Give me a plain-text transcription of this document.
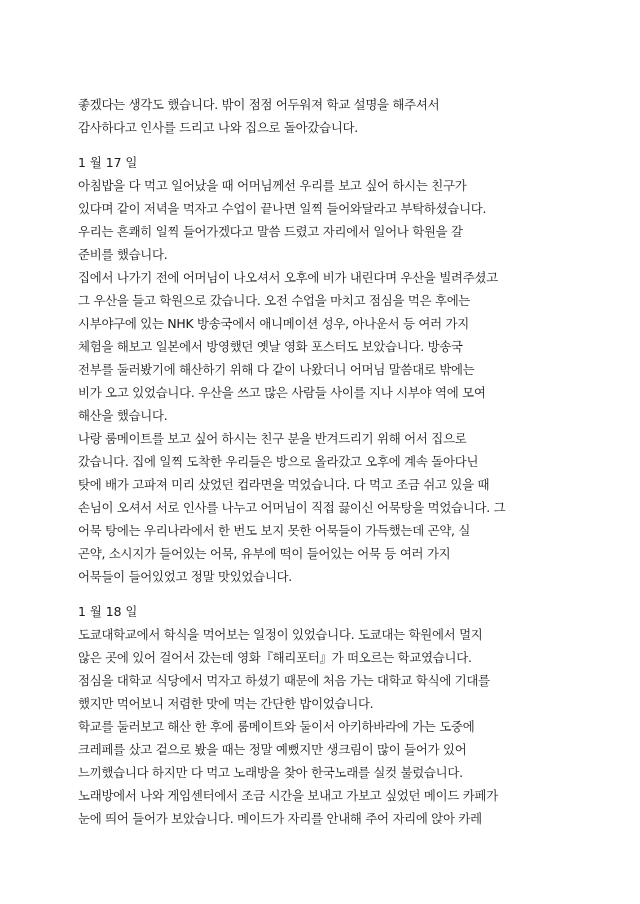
좋겠다는 생각도 했습니다. 밖이 점점 어두워져 학교 설명을 해주셔서
감사하다고 인사를 드리고 나와 집으로 돌아갔습니다.
1 월 17 일
아침밥을 다 먹고 일어났을 때 어머님께선 우리를 보고 싶어 하시는 친구가
있다며 같이 저녁을 먹자고 수업이 끝나면 일찍 들어와달라고 부탁하셨습니다.
우리는 흔쾌히 일찍 들어가겠다고 말씀 드렸고 자리에서 일어나 학원을 갈
준비를 했습니다.
집에서 나가기 전에 어머님이 나오셔서 오후에 비가 내린다며 우산을 빌려주셨고
그 우산을 들고 학원으로 갔습니다. 오전 수업을 마치고 점심을 먹은 후에는
시부야구에 있는 NHK 방송국에서 애니메이션 성우, 아나운서 등 여러 가지
체험을 해보고 일본에서 방영했던 옛날 영화 포스터도 보았습니다. 방송국
전부를 둘러봤기에 해산하기 위해 다 같이 나왔더니 어머님 말씀대로 밖에는
비가 오고 있었습니다. 우산을 쓰고 많은 사람들 사이를 지나 시부야 역에 모여
해산을 했습니다.
나랑 룸메이트를 보고 싶어 하시는 친구 분을 반겨드리기 위해 어서 집으로
갔습니다. 집에 일찍 도착한 우리들은 방으로 올라갔고 오후에 계속 돌아다닌
탓에 배가 고파져 미리 샀었던 컵라면을 먹었습니다. 다 먹고 조금 쉬고 있을 때
손님이 오셔서 서로 인사를 나누고 어머님이 직접 끓이신 어묵탕을 먹었습니다. 그
어묵 탕에는 우리나라에서 한 번도 보지 못한 어묵들이 가득했는데 곤약, 실
곤약, 소시지가 들어있는 어묵, 유부에 떡이 들어있는 어묵 등 여러 가지
어묵들이 들어있었고 정말 맛있었습니다.
1 월 18 일
도쿄대학교에서 학식을 먹어보는 일정이 있었습니다. 도쿄대는 학원에서 멀지
않은 곳에 있어 걸어서 갔는데 영화『해리포터』가 떠오르는 학교였습니다.
점심을 대학교 식당에서 먹자고 하셨기 때문에 처음 가는 대학교 학식에 기대를
했지만 먹어보니 저렴한 맛에 먹는 간단한 밥이었습니다.
학교를 둘러보고 해산 한 후에 룸메이트와 둘이서 아키하바라에 가는 도중에
크레페를 샀고 겉으로 봤을 때는 정말 예뻤지만 생크림이 많이 들어가 있어
느끼했습니다 하지만 다 먹고 노래방을 찾아 한국노래를 실컷 불렀습니다.
노래방에서 나와 게임센터에서 조금 시간을 보내고 가보고 싶었던 메이드 카페가
눈에 띄어 들어가 보았습니다. 메이드가 자리를 안내해 주어 자리에 앉아 카레
